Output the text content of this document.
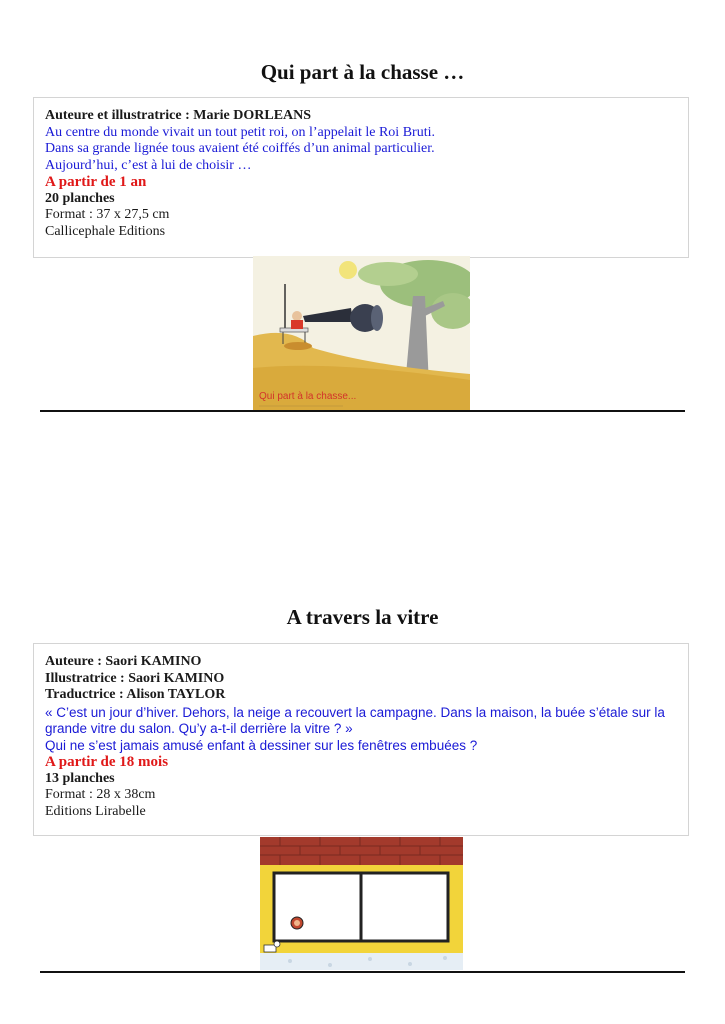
Qui part à la chasse …
Auteure et illustratrice : Marie DORLEANS
Au centre du monde vivait un tout petit roi, on l’appelait le Roi Bruti.
Dans sa grande lignée tous avaient été coiffés d’un animal particulier.
Aujourd’hui, c’est à lui de choisir …
A partir de 1 an
20 planches
Format : 37 x 27,5 cm
Callicephale Editions
Qui part à la chasse...
A travers la vitre
Auteure : Saori KAMINO
Illustratrice : Saori KAMINO
Traductrice : Alison TAYLOR
« C’est un jour d’hiver. Dehors, la neige a recouvert la campagne. Dans la maison, la buée s’étale sur la grande vitre du salon. Qu’y a-t-il derrière la vitre ? »
Qui ne s’est jamais amusé enfant à dessiner sur les fenêtres embuées ?
A partir de 18 mois
13 planches
Format : 28 x 38cm
Editions Lirabelle
